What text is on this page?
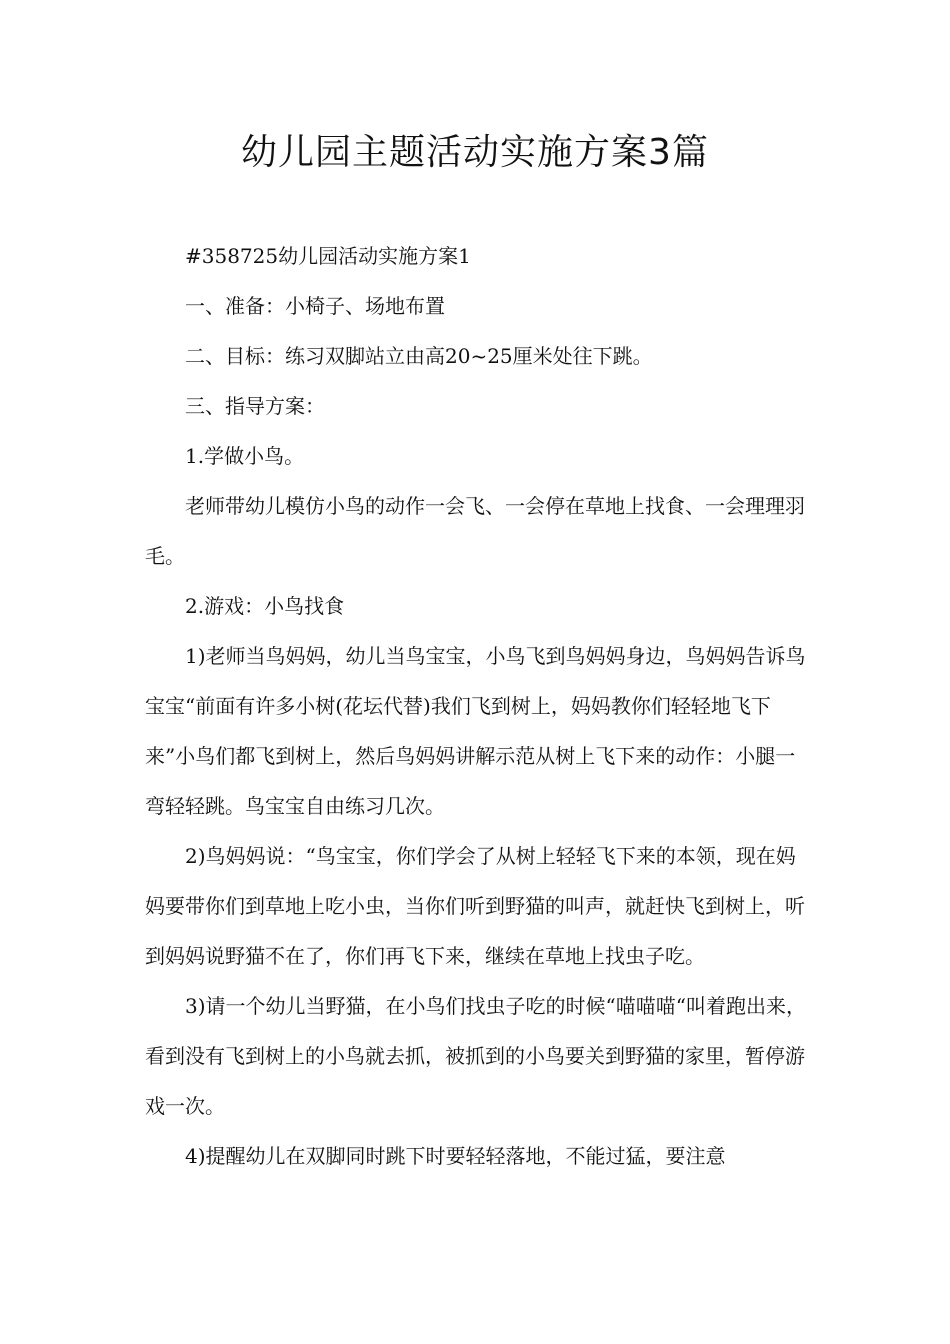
幼儿园主题活动实施方案3篇

#358725幼儿园活动实施方案1

一、准备：小椅子、场地布置

二、目标：练习双脚站立由高20~25厘米处往下跳。

三、指导方案：

1.学做小鸟。

老师带幼儿模仿小鸟的动作一会飞、一会停在草地上找食、一会理理羽毛。

2.游戏：小鸟找食

1)老师当鸟妈妈，幼儿当鸟宝宝，小鸟飞到鸟妈妈身边，鸟妈妈告诉鸟宝宝“前面有许多小树(花坛代替)我们飞到树上，妈妈教你们轻轻地飞下来”小鸟们都飞到树上，然后鸟妈妈讲解示范从树上飞下来的动作：小腿一弯轻轻跳。鸟宝宝自由练习几次。

2)鸟妈妈说：“鸟宝宝，你们学会了从树上轻轻飞下来的本领，现在妈妈要带你们到草地上吃小虫，当你们听到野猫的叫声，就赶快飞到树上，听到妈妈说野猫不在了，你们再飞下来，继续在草地上找虫子吃。

3)请一个幼儿当野猫，在小鸟们找虫子吃的时候“喵喵喵“叫着跑出来，看到没有飞到树上的小鸟就去抓，被抓到的小鸟要关到野猫的家里，暂停游戏一次。

4)提醒幼儿在双脚同时跳下时要轻轻落地，不能过猛，要注意
